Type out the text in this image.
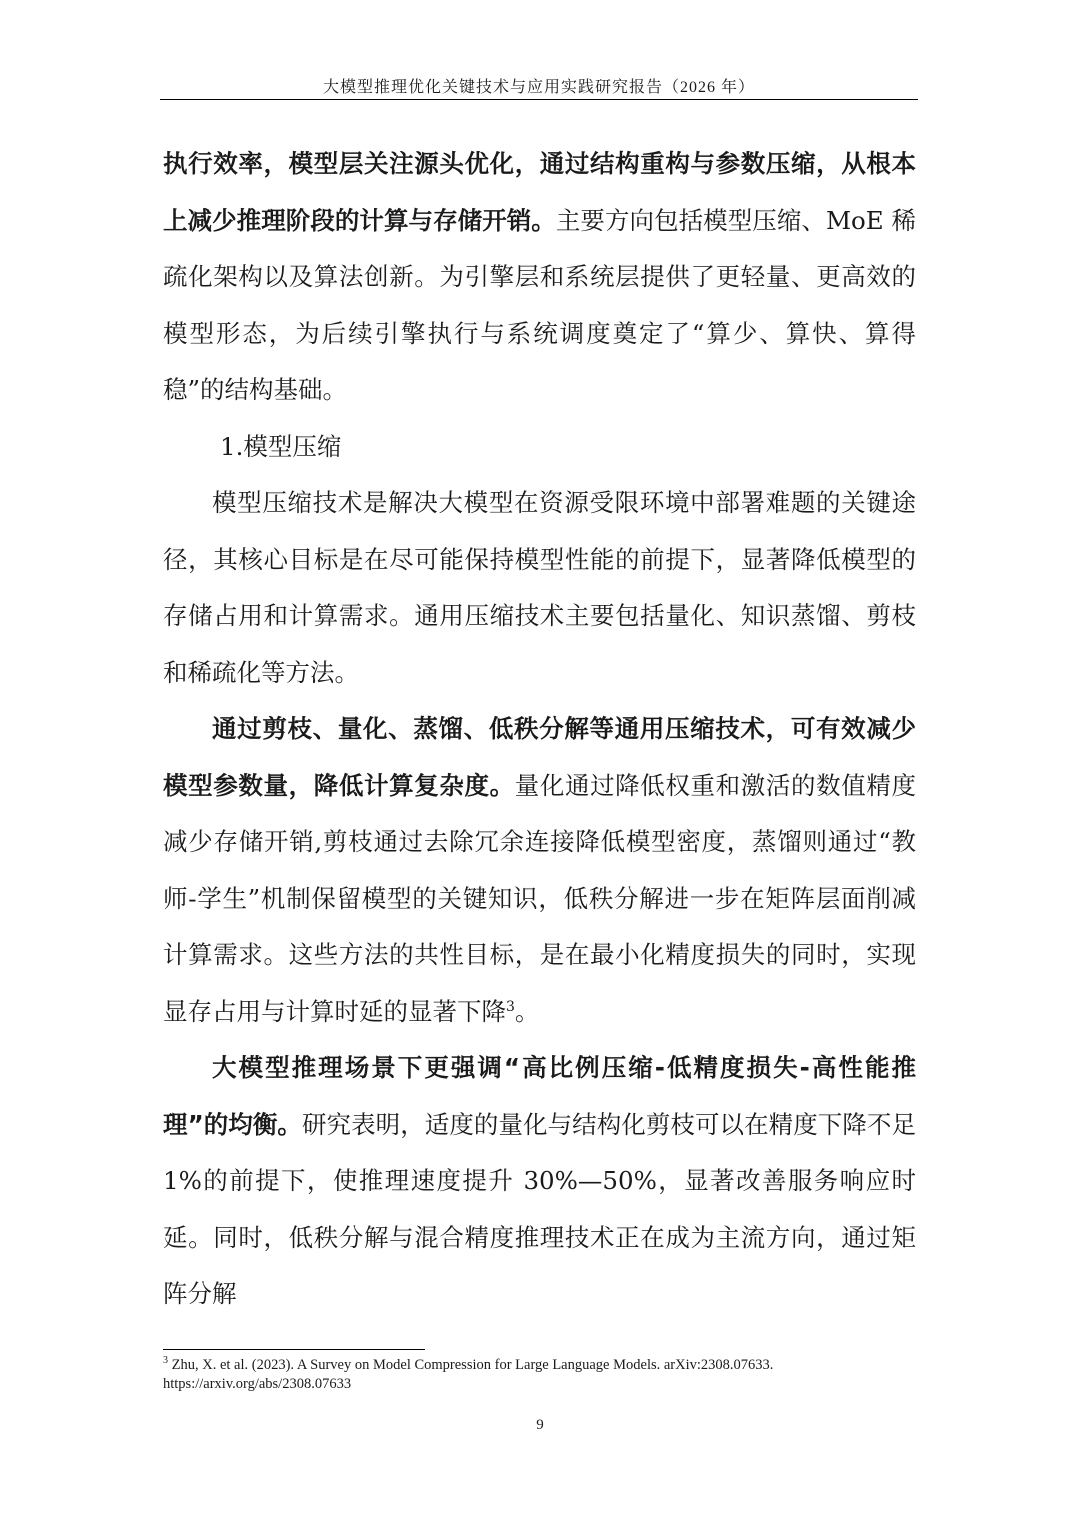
大模型推理优化关键技术与应用实践研究报告（2026 年）

执行效率，模型层关注源头优化，通过结构重构与参数压缩，从根本上减少推理阶段的计算与存储开销。主要方向包括模型压缩、MoE 稀疏化架构以及算法创新。为引擎层和系统层提供了更轻量、更高效的模型形态，为后续引擎执行与系统调度奠定了“算少、算快、算得稳”的结构基础。

1.模型压缩

模型压缩技术是解决大模型在资源受限环境中部署难题的关键途径，其核心目标是在尽可能保持模型性能的前提下，显著降低模型的存储占用和计算需求。通用压缩技术主要包括量化、知识蒸馏、剪枝和稀疏化等方法。

通过剪枝、量化、蒸馏、低秩分解等通用压缩技术，可有效减少模型参数量，降低计算复杂度。量化通过降低权重和激活的数值精度减少存储开销,剪枝通过去除冗余连接降低模型密度，蒸馏则通过“教师-学生”机制保留模型的关键知识，低秩分解进一步在矩阵层面削减计算需求。这些方法的共性目标，是在最小化精度损失的同时，实现显存占用与计算时延的显著下降$^3$。

大模型推理场景下更强调“高比例压缩-低精度损失-高性能推理”的均衡。研究表明，适度的量化与结构化剪枝可以在精度下降不足 1%的前提下，使推理速度提升 30%—50%，显著改善服务响应时延。同时，低秩分解与混合精度推理技术正在成为主流方向，通过矩阵分解

$^3$ Zhu, X. et al. (2023). A Survey on Model Compression for Large Language Models. arXiv:2308.07633.
https://arxiv.org/abs/2308.07633
9
